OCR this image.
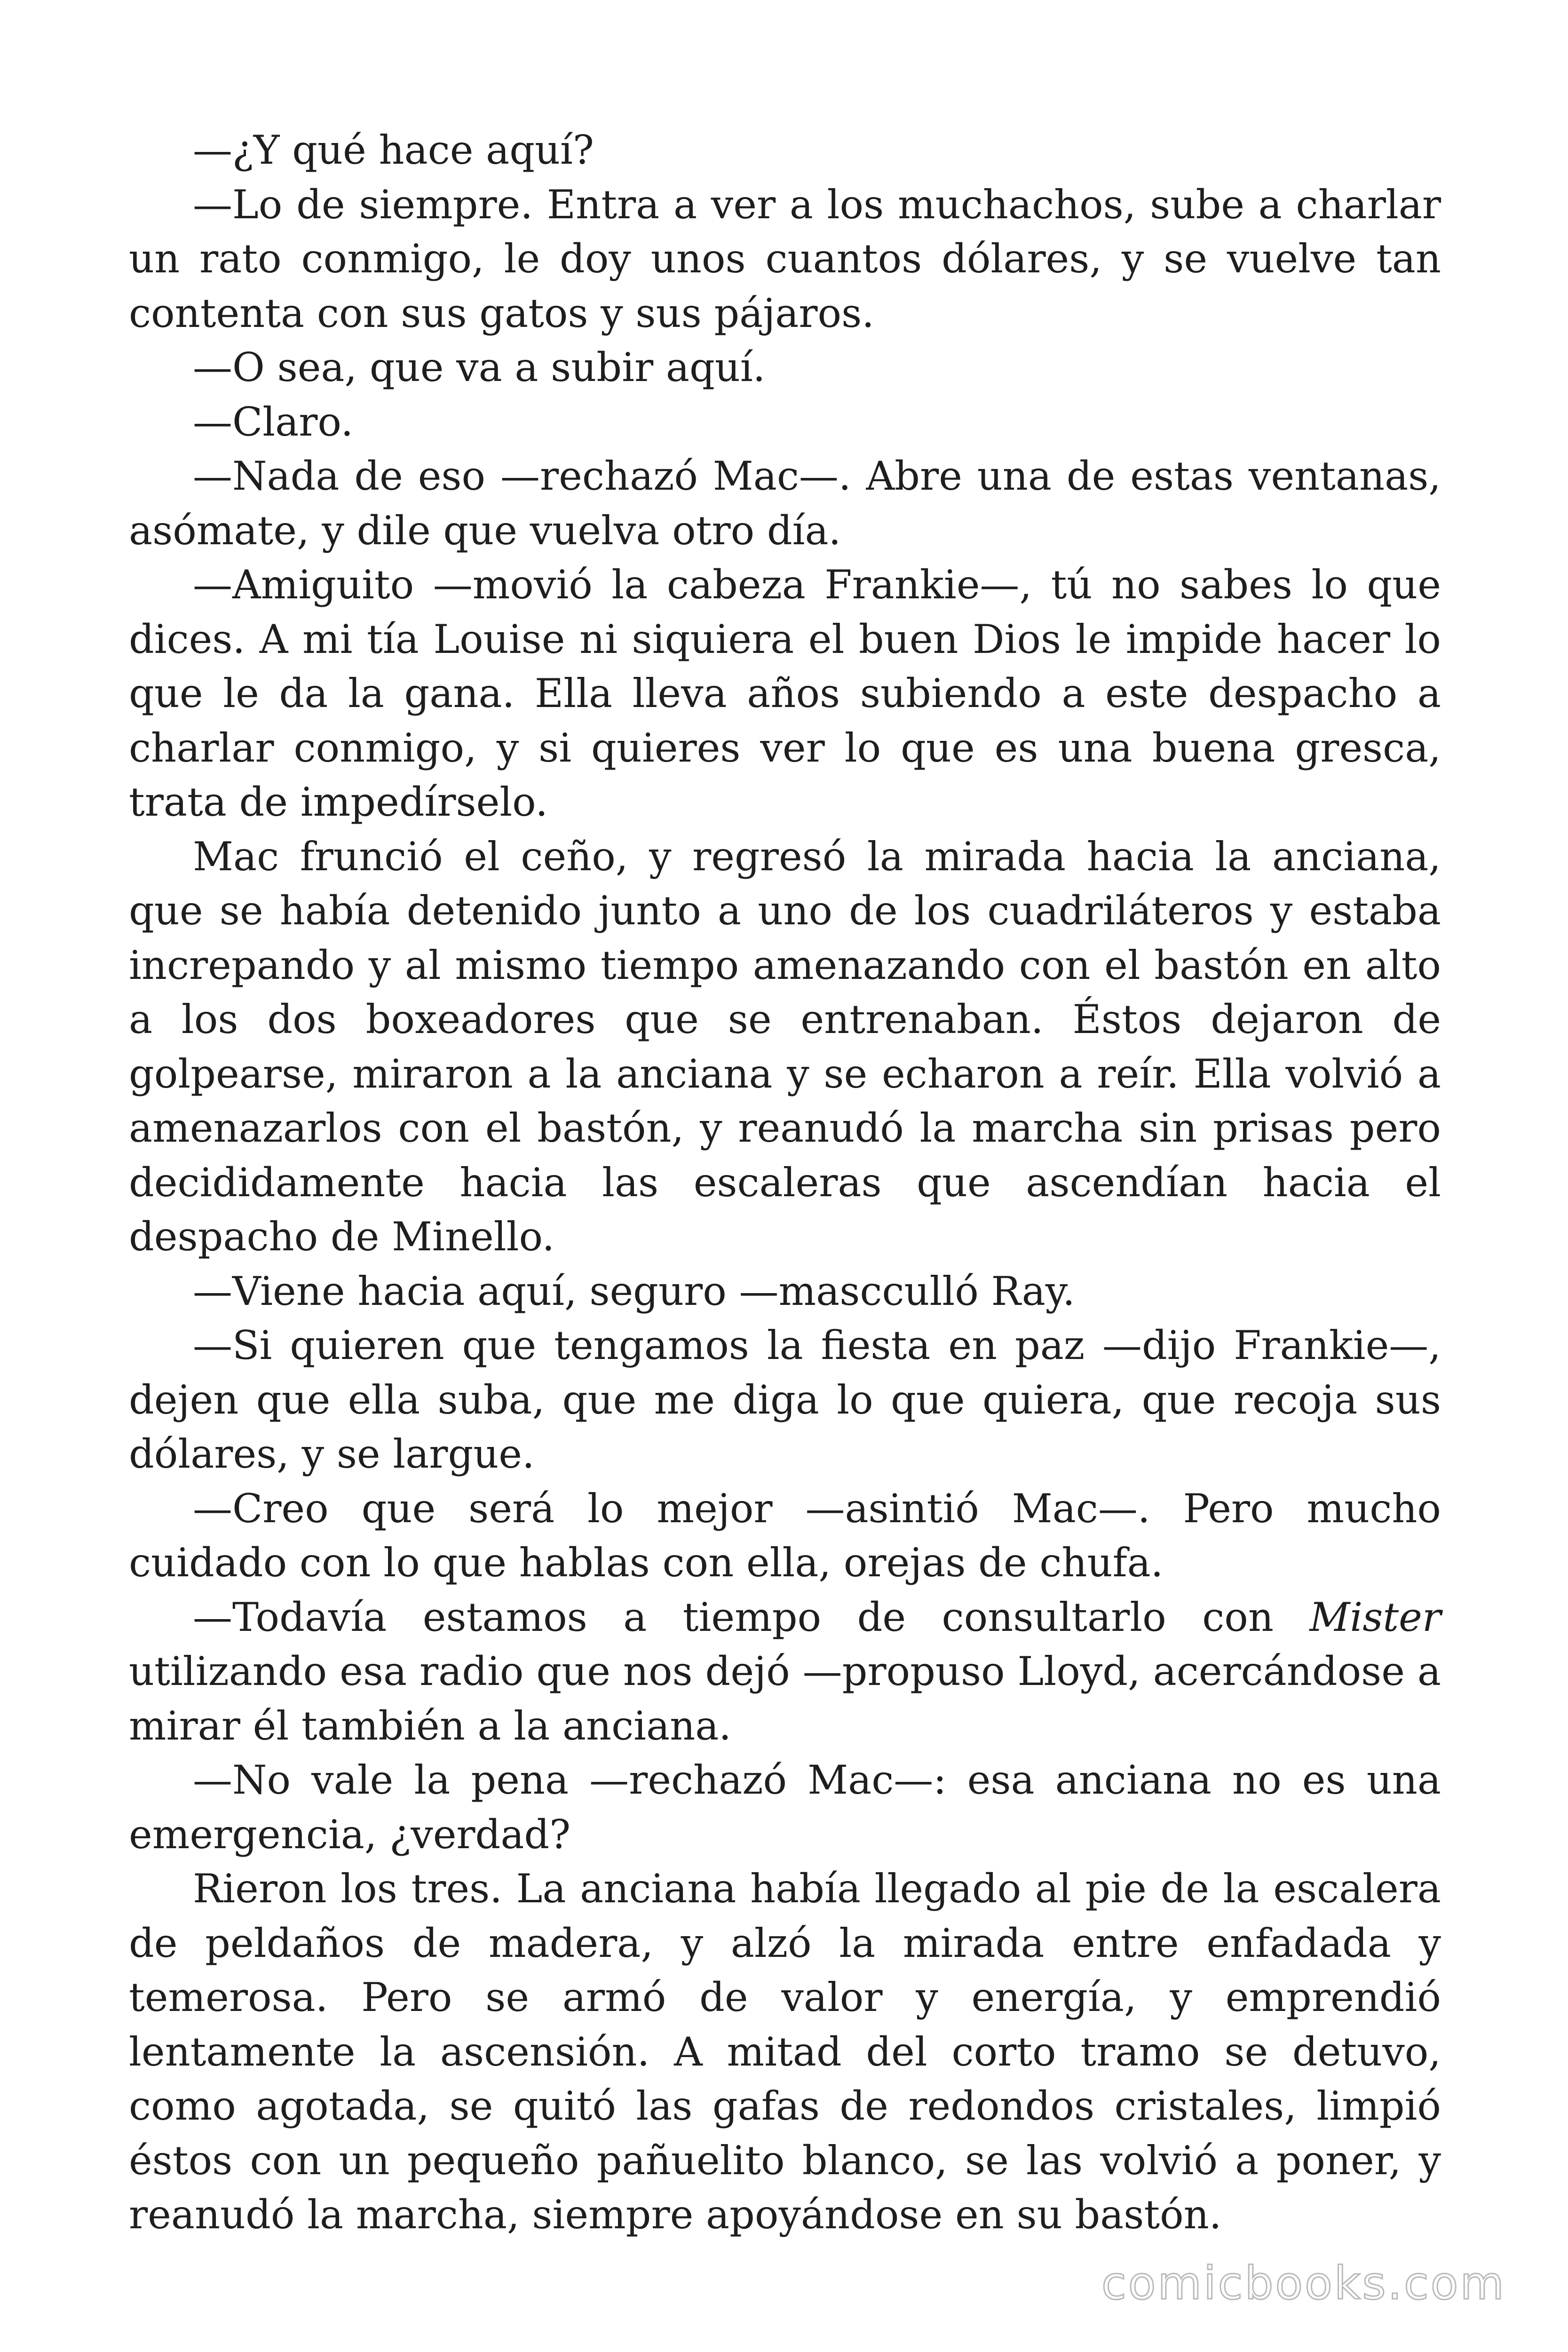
—¿Y qué hace aquí?

—Lo de siempre. Entra a ver a los muchachos, sube a charlar un rato conmigo, le doy unos cuantos dólares, y se vuelve tan contenta con sus gatos y sus pájaros.

—O sea, que va a subir aquí.

—Claro.

—Nada de eso —rechazó Mac—. Abre una de estas ventanas, asómate, y dile que vuelva otro día.

—Amiguito —movió la cabeza Frankie—, tú no sabes lo que dices. A mi tía Louise ni siquiera el buen Dios le impide hacer lo que le da la gana. Ella lleva años subiendo a este despacho a charlar conmigo, y si quieres ver lo que es una buena gresca, trata de impedírselo.

Mac frunció el ceño, y regresó la mirada hacia la anciana, que se había detenido junto a uno de los cuadriláteros y estaba increpando y al mismo tiempo amenazando con el bastón en alto a los dos boxeadores que se entrenaban. Éstos dejaron de golpearse, miraron a la anciana y se echaron a reír. Ella volvió a amenazarlos con el bastón, y reanudó la marcha sin prisas pero decididamente hacia las escaleras que ascendían hacia el despacho de Minello.

—Viene hacia aquí, seguro —mascculló Ray.

—Si quieren que tengamos la fiesta en paz —dijo Frankie—, dejen que ella suba, que me diga lo que quiera, que recoja sus dólares, y se largue.

—Creo que será lo mejor —asintió Mac—. Pero mucho cuidado con lo que hablas con ella, orejas de chufa.

—Todavía estamos a tiempo de consultarlo con Mister utilizando esa radio que nos dejó —propuso Lloyd, acercándose a mirar él también a la anciana.

—No vale la pena —rechazó Mac—: esa anciana no es una emergencia, ¿verdad?

Rieron los tres. La anciana había llegado al pie de la escalera de peldaños de madera, y alzó la mirada entre enfadada y temerosa. Pero se armó de valor y energía, y emprendió lentamente la ascensión. A mitad del corto tramo se detuvo, como agotada, se quitó las gafas de redondos cristales, limpió éstos con un pequeño pañuelito blanco, se las volvió a poner, y reanudó la marcha, siempre apoyándose en su bastón.

comicbooks.com
